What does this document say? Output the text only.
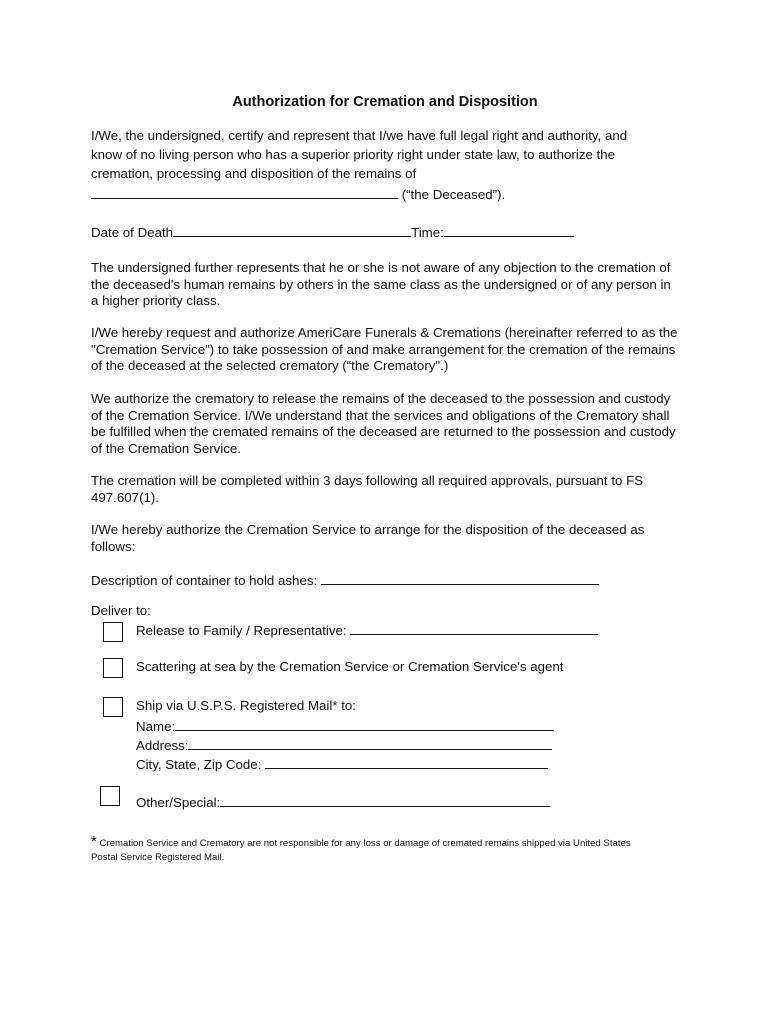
Authorization for Cremation and Disposition
I/We, the undersigned, certify and represent that I/we have full legal right and authority, and
know of no living person who has a superior priority right under state law, to authorize the
cremation, processing and disposition of the remains of
(“the Deceased”).
Date of Death	Time:
The undersigned further represents that he or she is not aware of any objection to the cremation of the deceased's human remains by others in the same class as the undersigned or of any person in a higher priority class.
I/We hereby request and authorize AmeriCare Funerals & Cremations (hereinafter referred to as the "Cremation Service") to take possession of and make arrangement for the cremation of the remains of the deceased at the selected crematory (“the Crematory".)
We authorize the crematory to release the remains of the deceased to the possession and custody of the Cremation Service. I/We understand that the services and obligations of the Crematory shall be fulfilled when the cremated remains of the deceased are returned to the possession and custody of the Cremation Service.
The cremation will be completed within 3 days following all required approvals, pursuant to FS 497.607(1).
I/We hereby authorize the Cremation Service to arrange for the disposition of the deceased as follows:
Description of container to hold ashes:
Deliver to:
Release to Family / Representative:
Scattering at sea by the Cremation Service or Cremation Service's agent
Ship via U.S.P.S. Registered Mail* to:
Name:
Address:
City, State, Zip Code:
Other/Special:
* Cremation Service and Crematory are not responsible for any loss or damage of cremated remains shipped via United States
Postal Service Registered Mail.
